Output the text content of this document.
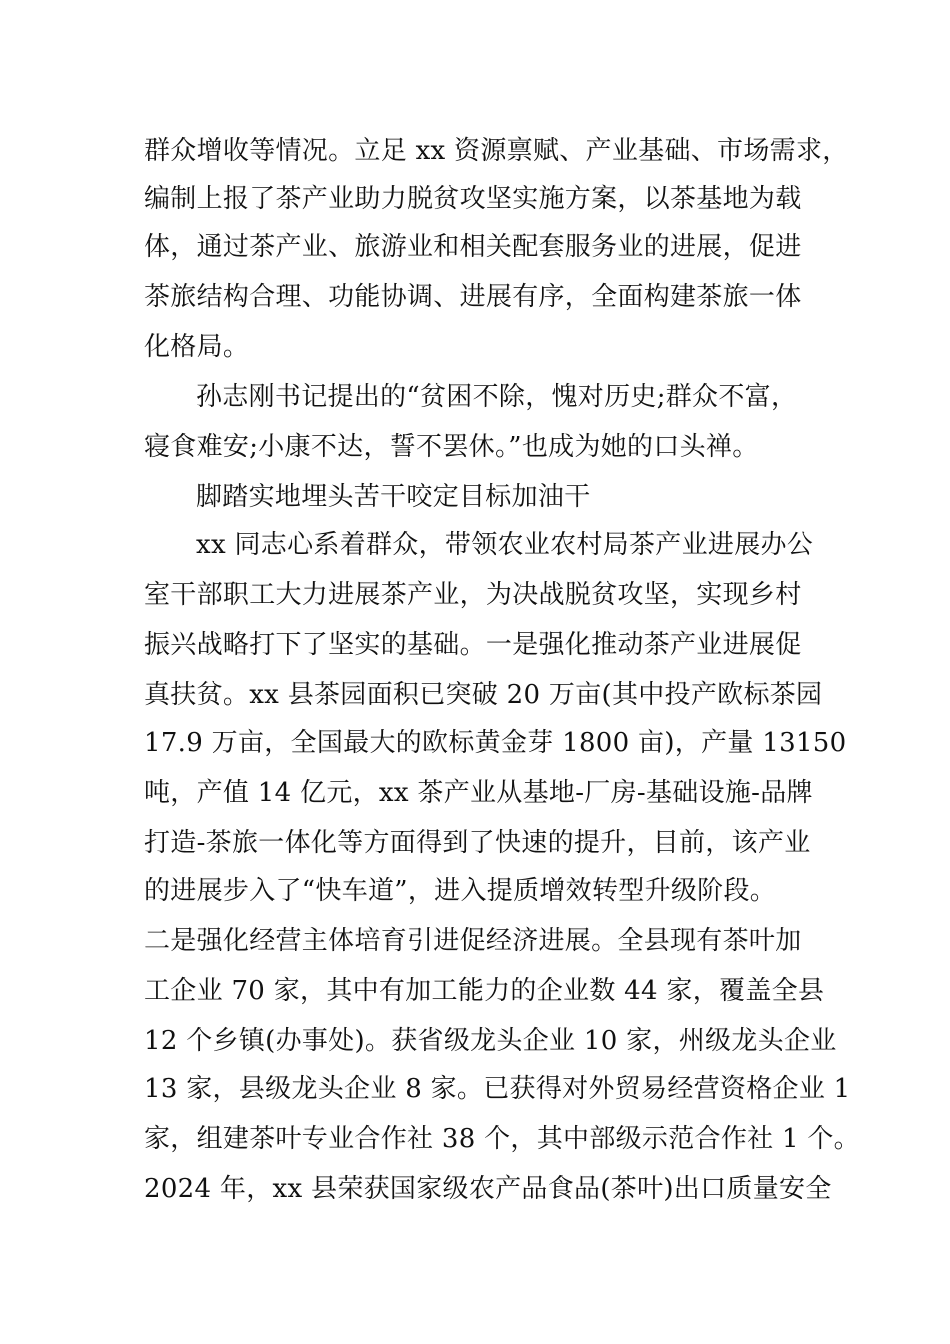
群众增收等情况。立足 xx 资源禀赋、产业基础、市场需求，
编制上报了茶产业助力脱贫攻坚实施方案，以茶基地为载
体，通过茶产业、旅游业和相关配套服务业的进展，促进
茶旅结构合理、功能协调、进展有序，全面构建茶旅一体
化格局。
孙志刚书记提出的“贫困不除，愧对历史;群众不富，
寝食难安;小康不达，誓不罢休。”也成为她的口头禅。
脚踏实地埋头苦干咬定目标加油干
xx 同志心系着群众，带领农业农村局茶产业进展办公
室干部职工大力进展茶产业，为决战脱贫攻坚，实现乡村
振兴战略打下了坚实的基础。一是强化推动茶产业进展促
真扶贫。xx 县茶园面积已突破 20 万亩(其中投产欧标茶园
17.9 万亩，全国最大的欧标黄金芽 1800 亩)，产量 13150
吨，产值 14 亿元，xx 茶产业从基地-厂房-基础设施-品牌
打造-茶旅一体化等方面得到了快速的提升，目前，该产业
的进展步入了“快车道”，进入提质增效转型升级阶段。
二是强化经营主体培育引进促经济进展。全县现有茶叶加
工企业 70 家，其中有加工能力的企业数 44 家，覆盖全县
12 个乡镇(办事处)。获省级龙头企业 10 家，州级龙头企业
13 家，县级龙头企业 8 家。已获得对外贸易经营资格企业 1
家，组建茶叶专业合作社 38 个，其中部级示范合作社 1 个。
2024 年，xx 县荣获国家级农产品食品(茶叶)出口质量安全
